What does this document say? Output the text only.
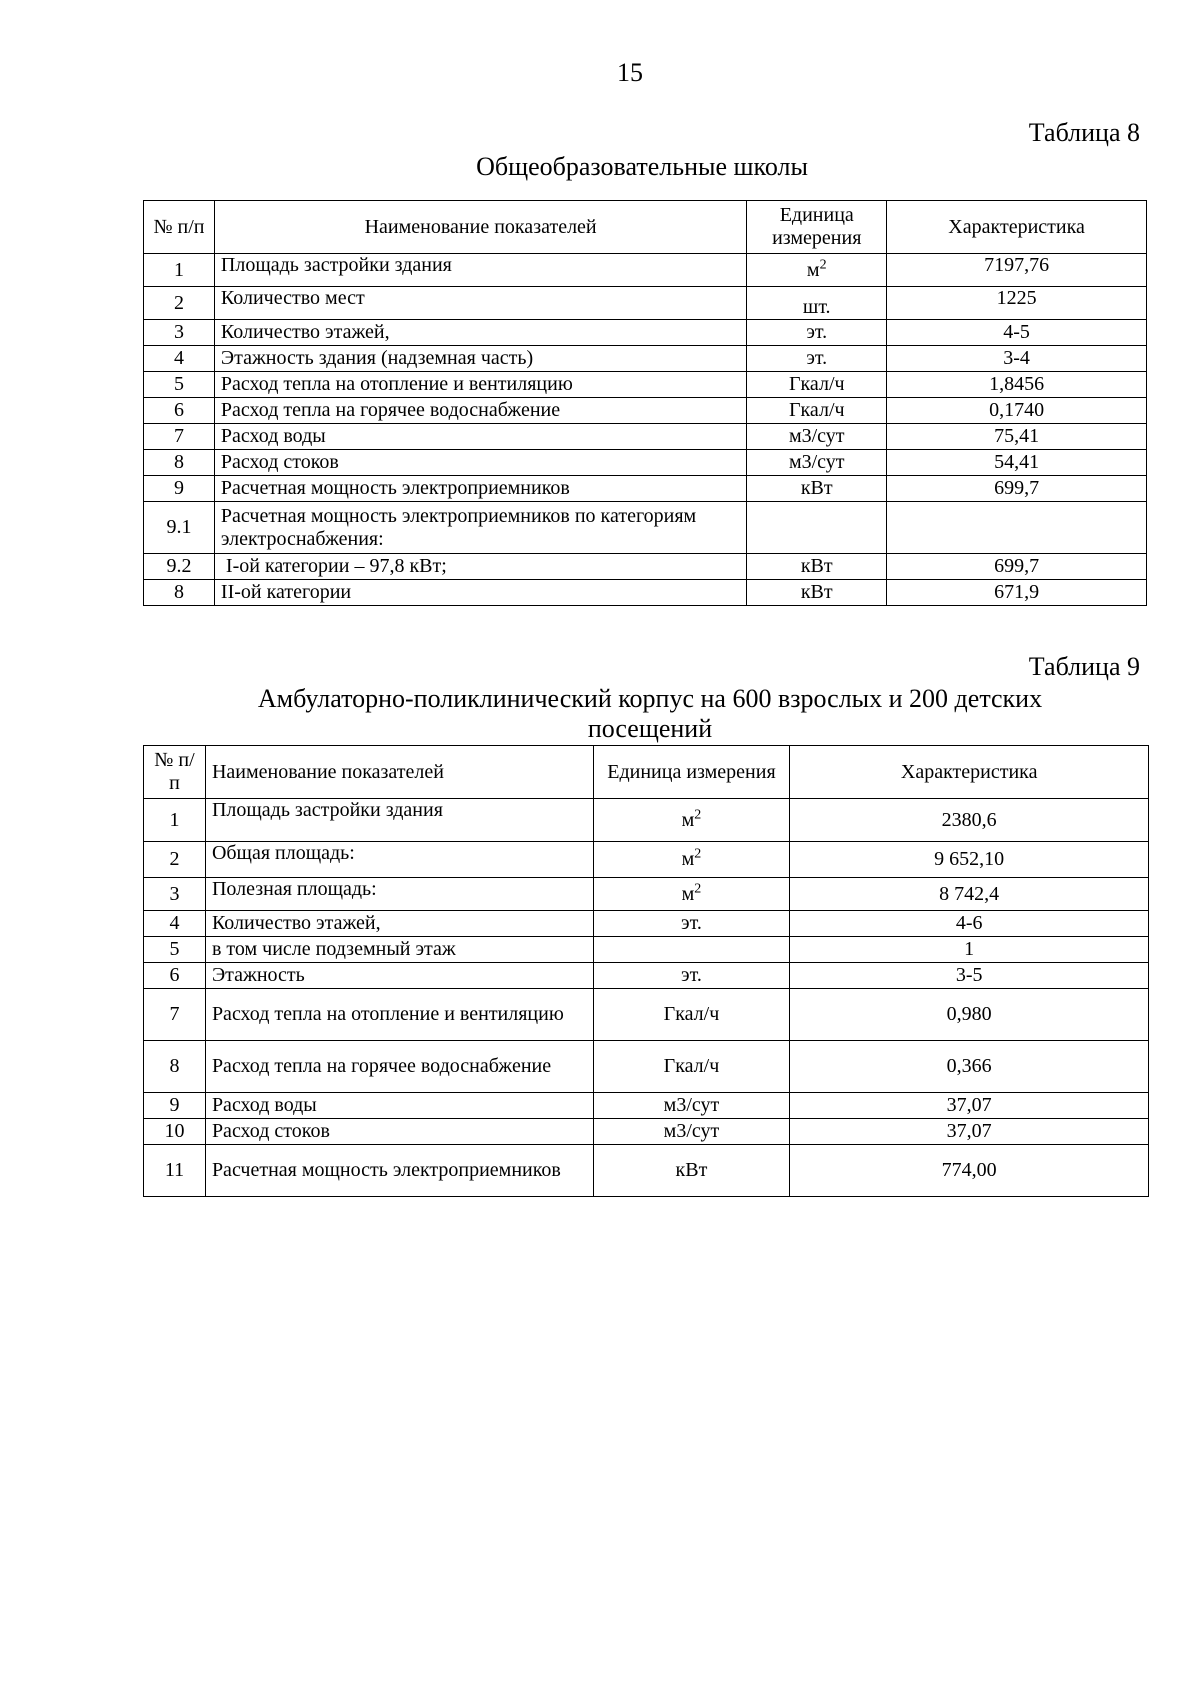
15
Таблица 8
Общеобразовательные школы
№ п/п	Наименование показателей	Единица измерения	Характеристика
1	Площадь застройки здания	$м^2$	7197,76
2	Количество мест	шт.	1225
3	Количество этажей,	эт.	4-5
4	Этажность здания (надземная часть)	эт.	3-4
5	Расход тепла на отопление и вентиляцию	Гкал/ч	1,8456
6	Расход тепла на горячее водоснабжение	Гкал/ч	0,1740
7	Расход воды	м3/сут	75,41
8	Расход стоков	м3/сут	54,41
9	Расчетная мощность электроприемников	кВт	699,7
9.1	Расчетная мощность электроприемников по категориям электроснабжения:		
9.2	I-ой категории – 97,8 кВт;	кВт	699,7
8	II-ой категории	кВт	671,9
Таблица 9
Амбулаторно-поликлинический корпус на 600 взрослых и 200 детских посещений
№ п/п	Наименование показателей	Единица измерения	Характеристика
1	Площадь застройки здания	$м^2$	2380,6
2	Общая площадь:	$м^2$	9 652,10
3	Полезная площадь:	$м^2$	8 742,4
4	Количество этажей,	эт.	4-6
5	в том числе подземный этаж		1
6	Этажность	эт.	3-5
7	Расход тепла на отопление и вентиляцию	Гкал/ч	0,980
8	Расход тепла на горячее водоснабжение	Гкал/ч	0,366
9	Расход воды	м3/сут	37,07
10	Расход стоков	м3/сут	37,07
11	Расчетная мощность электроприемников	кВт	774,00
